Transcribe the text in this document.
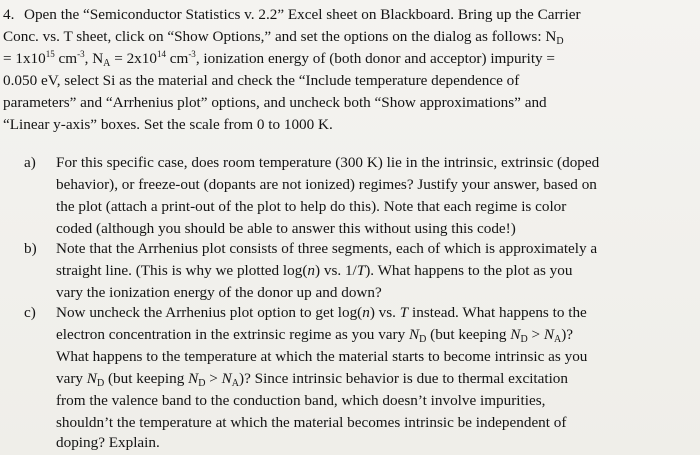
4. Open the “Semiconductor Statistics v. 2.2” Excel sheet on Blackboard. Bring up the Carrier
Conc. vs. T sheet, click on “Show Options,” and set the options on the dialog as follows: $N_D$
= $1x10^{15}$ $cm^{-3}$, $N_A = 2x10^{14}$ $cm^{-3}$, ionization energy of (both donor and acceptor) impurity =
0.050 eV, select Si as the material and check the “Include temperature dependence of
parameters” and “Arrhenius plot” options, and uncheck both “Show approximations” and
“Linear y-axis” boxes. Set the scale from 0 to 1000 K.
a) For this specific case, does room temperature (300 K) lie in the intrinsic, extrinsic (doped
behavior), or freeze-out (dopants are not ionized) regimes? Justify your answer, based on
the plot (attach a print-out of the plot to help do this). Note that each regime is color
coded (although you should be able to answer this without using this code!)
b) Note that the Arrhenius plot consists of three segments, each of which is approximately a
straight line. (This is why we plotted log(n) vs. 1/T). What happens to the plot as you
vary the ionization energy of the donor up and down?
c) Now uncheck the Arrhenius plot option to get log(n) vs. T instead. What happens to the
electron concentration in the extrinsic regime as you vary $N_D$ (but keeping $N_D > N_A$)?
What happens to the temperature at which the material starts to become intrinsic as you
vary $N_D$ (but keeping $N_D > N_A$)? Since intrinsic behavior is due to thermal excitation
from the valence band to the conduction band, which doesn’t involve impurities,
shouldn’t the temperature at which the material becomes intrinsic be independent of
doping? Explain.
